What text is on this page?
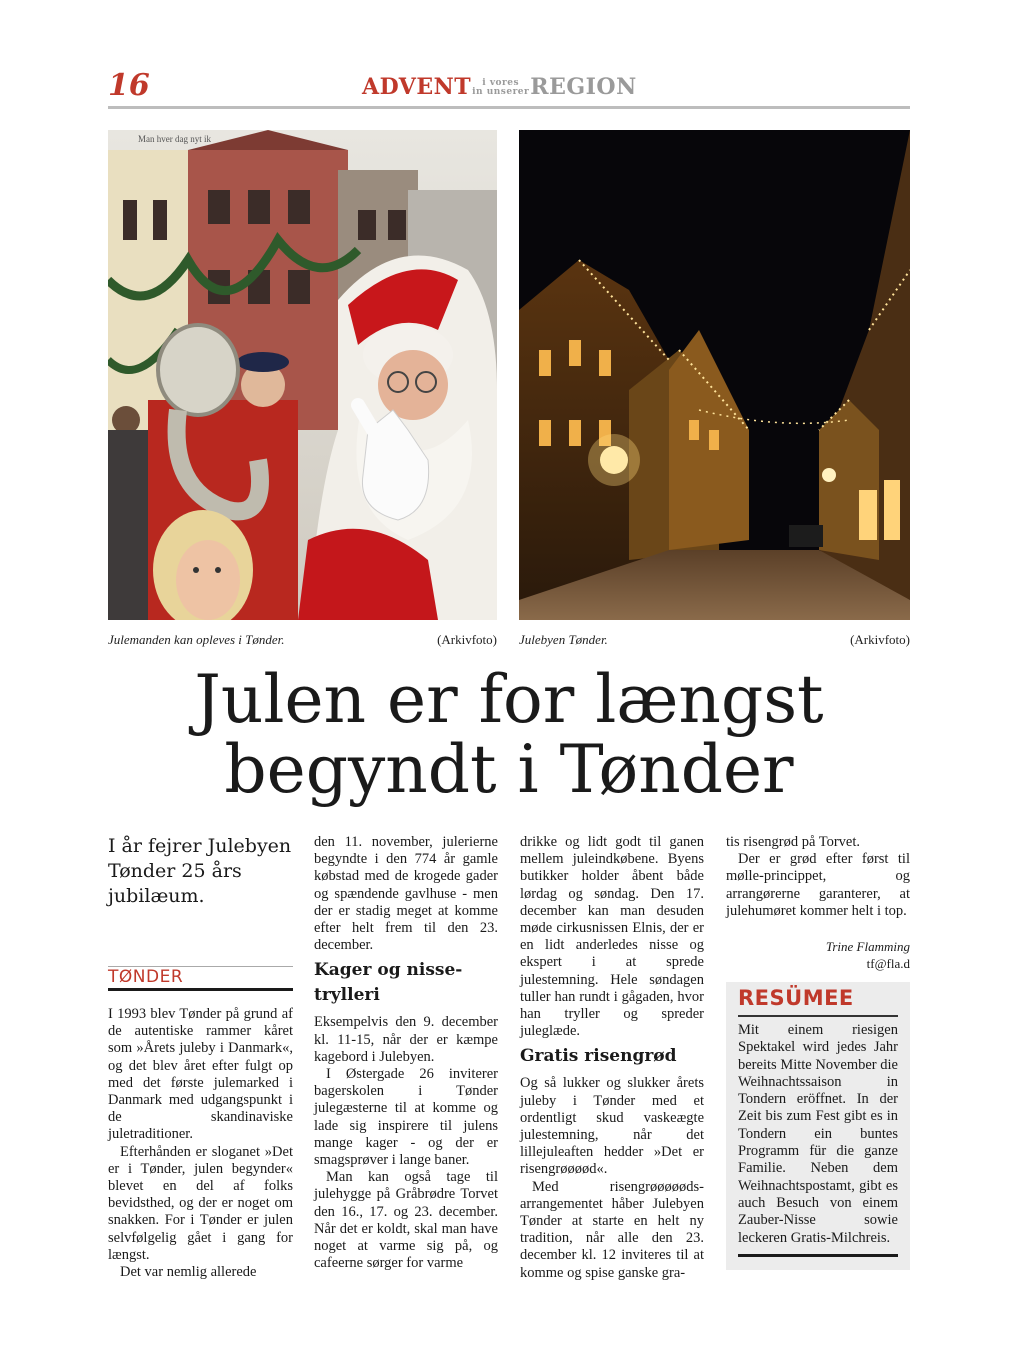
16	ADVENT i vores
in unsererREGION
Man hver dag nyt ik
Julemanden kan opleves i Tønder.	(Arkivfoto) Julebyen Tønder.	(Arkivfoto)
Julen er for længst
begyndt i Tønder
I år fejrer Julebyen Tønder 25 års jubilæum.
TØNDER

I 1993 blev Tønder på grund af de autentiske rammer kåret som »Årets juleby i Danmark«, og det blev året efter fulgt op med det første julemarked i Danmark med udgangspunkt i de skandinaviske juletraditioner.

Efterhånden er sloganet »Det er i Tønder, julen begynder« blevet en del af folks bevidsthed, og der er noget om snakken. For i Tønder er julen selvfølgelig gået i gang for længst.

Det var nemlig allerede

den 11. november, julerierne begyndte i den 774 år gamle købstad med de krogede gader og spændende gavlhuse - men der er stadig meget at komme efter helt frem til den 23. december.

Kager og nisse-trylleri

Eksempelvis den 9. december kl. 11-15, når der er kæmpe kagebord i Julebyen.

I Østergade 26 inviterer bagerskolen i Tønder julegæsterne til at komme og lade sig inspirere til julens mange kager - og der er smagsprøver i lange baner.

Man kan også tage til julehygge på Gråbrødre Torvet den 16., 17. og 23. december. Når det er koldt, skal man have noget at varme sig på, og cafeerne sørger for varme

drikke og lidt godt til ganen mellem juleindkøbene. Byens butikker holder åbent både lørdag og søndag. Den 17. december kan man desuden møde cirkusnissen Elnis, der er en lidt anderledes nisse og ekspert i at sprede julestemning. Hele søndagen tuller han rundt i gågaden, hvor han tryller og spreder juleglæde.

Gratis risengrød

Og så lukker og slukker årets juleby i Tønder med et ordentligt skud vaskeægte julestemning, når det lillejuleaften hedder »Det er risengrøøøød«.

Med risengrøøøøøds-arrangementet håber Julebyen Tønder at starte en helt ny tradition, når alle den 23. december kl. 12 inviteres til at komme og spise ganske gra-

tis risengrød på Torvet.

Der er grød efter først til mølle-princippet, og arrangørerne garanterer, at julehumøret kommer helt i top.

Trine Flamming
tf@fla.d
RESÜMEE
Mit einem riesigen Spektakel wird jedes Jahr bereits Mitte November die Weihnachtssaison in Tondern eröffnet. In der Zeit bis zum Fest gibt es in Tondern ein buntes Programm für die ganze Familie. Neben dem Weihnachtspostamt, gibt es auch Besuch von einem Zauber-Nisse sowie leckeren Gratis-Milchreis.
